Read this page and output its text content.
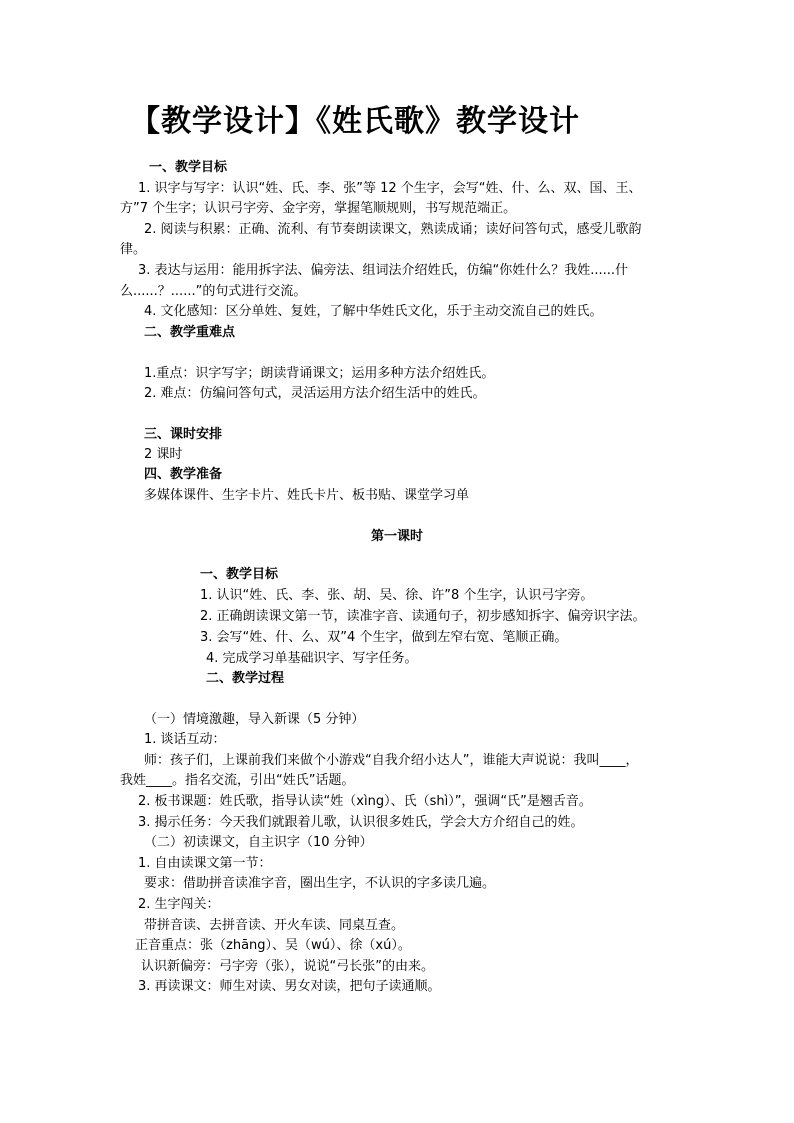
【教学设计】《姓氏歌》教学设计
一、教学目标
1. 识字与写字：认识“姓、氏、李、张”等 12 个生字，会写“姓、什、么、双、国、王、
方”7 个生字；认识弓字旁、金字旁，掌握笔顺规则，书写规范端正。
2. 阅读与积累：正确、流利、有节奏朗读课文，熟读成诵；读好问答句式，感受儿歌韵
律。
3. 表达与运用：能用拆字法、偏旁法、组词法介绍姓氏，仿编“你姓什么？我姓......什
么......？......”的句式进行交流。
4. 文化感知：区分单姓、复姓，了解中华姓氏文化，乐于主动交流自己的姓氏。
二、教学重难点
1.重点：识字写字；朗读背诵课文；运用多种方法介绍姓氏。
2. 难点：仿编问答句式，灵活运用方法介绍生活中的姓氏。
三、课时安排
2 课时
四、教学准备
多媒体课件、生字卡片、姓氏卡片、板书贴、课堂学习单
第一课时
一、教学目标
1. 认识“姓、氏、李、张、胡、吴、徐、许”8 个生字，认识弓字旁。
2. 正确朗读课文第一节，读准字音、读通句子，初步感知拆字、偏旁识字法。
3. 会写“姓、什、么、双”4 个生字，做到左窄右宽、笔顺正确。
4. 完成学习单基础识字、写字任务。
二、教学过程
（一）情境激趣，导入新课（5 分钟）
1. 谈话互动：
师：孩子们，上课前我们来做个小游戏“自我介绍小达人”，谁能大声说说：我叫____，
我姓____。指名交流，引出“姓氏”话题。
2. 板书课题：姓氏歌，指导认读“姓（xìng）、氏（shì）”，强调“氏”是翘舌音。
3. 揭示任务：今天我们就跟着儿歌，认识很多姓氏，学会大方介绍自己的姓。
（二）初读课文，自主识字（10 分钟）
1. 自由读课文第一节：
要求：借助拼音读准字音，圈出生字，不认识的字多读几遍。
2. 生字闯关：
带拼音读、去拼音读、开火车读、同桌互查。
正音重点：张（zhāng）、吴（wú）、徐（xú）。
认识新偏旁：弓字旁（张），说说“弓长张”的由来。
3. 再读课文：师生对读、男女对读，把句子读通顺。
